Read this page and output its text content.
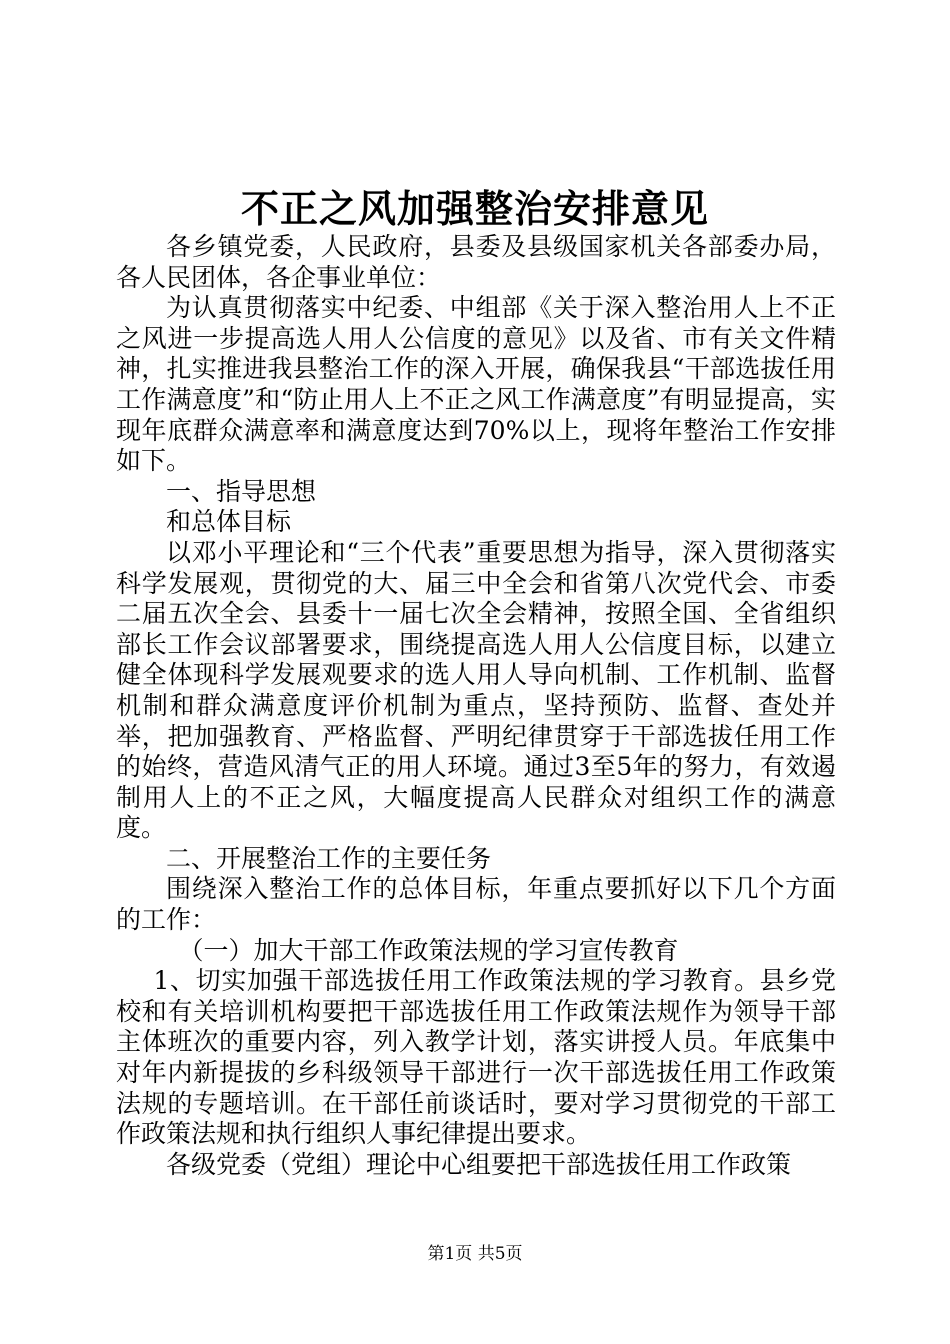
不正之风加强整治安排意见

各乡镇党委，人民政府，县委及县级国家机关各部委办局，各人民团体，各企事业单位：

为认真贯彻落实中纪委、中组部《关于深入整治用人上不正之风进一步提高选人用人公信度的意见》以及省、市有关文件精神，扎实推进我县整治工作的深入开展，确保我县“干部选拔任用工作满意度”和“防止用人上不正之风工作满意度”有明显提高，实现年底群众满意率和满意度达到70%以上，现将年整治工作安排如下。

一、指导思想

和总体目标

以邓小平理论和“三个代表”重要思想为指导，深入贯彻落实科学发展观，贯彻党的大、届三中全会和省第八次党代会、市委二届五次全会、县委十一届七次全会精神，按照全国、全省组织部长工作会议部署要求，围绕提高选人用人公信度目标，以建立健全体现科学发展观要求的选人用人导向机制、工作机制、监督机制和群众满意度评价机制为重点，坚持预防、监督、查处并举，把加强教育、严格监督、严明纪律贯穿于干部选拔任用工作的始终，营造风清气正的用人环境。通过3至5年的努力，有效遏制用人上的不正之风，大幅度提高人民群众对组织工作的满意度。

二、开展整治工作的主要任务

围绕深入整治工作的总体目标，年重点要抓好以下几个方面的工作：

（一）加大干部工作政策法规的学习宣传教育

1、切实加强干部选拔任用工作政策法规的学习教育。县乡党校和有关培训机构要把干部选拔任用工作政策法规作为领导干部主体班次的重要内容，列入教学计划，落实讲授人员。年底集中对年内新提拔的乡科级领导干部进行一次干部选拔任用工作政策法规的专题培训。在干部任前谈话时，要对学习贯彻党的干部工作政策法规和执行组织人事纪律提出要求。

各级党委（党组）理论中心组要把干部选拔任用工作政策

第1页 共5页
